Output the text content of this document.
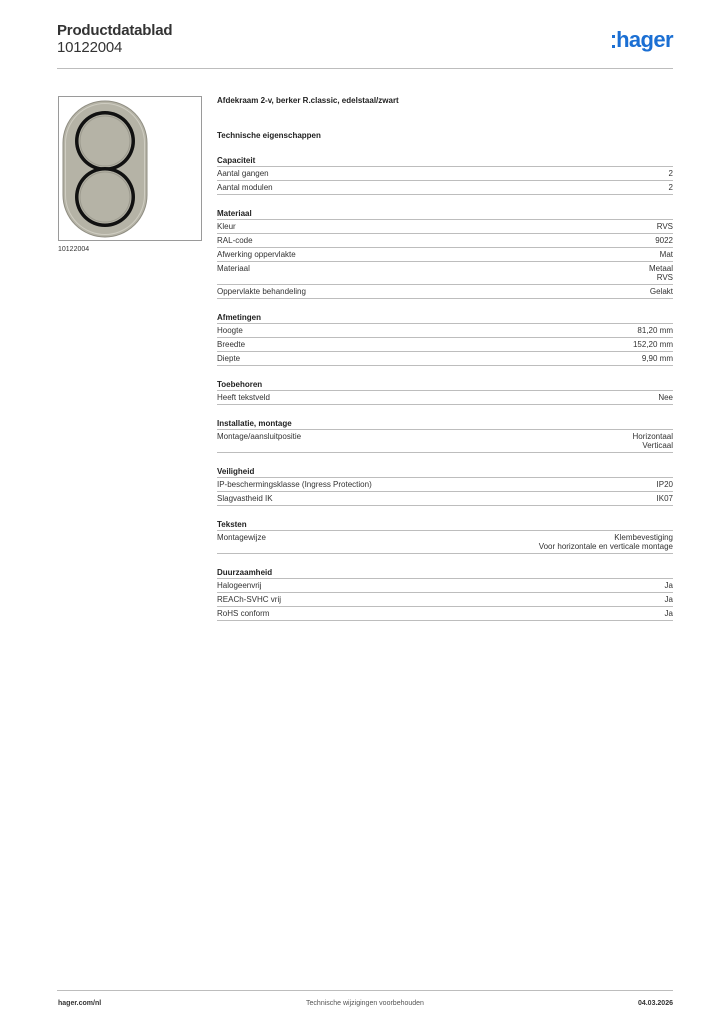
Productdatablad
10122004	hager
10122004
Afdekraam 2-v, berker R.classic, edelstaal/zwart
Technische eigenschappen
Capaciteit
Aantal gangen	2
Aantal modulen	2
Materiaal
Kleur	RVS
RAL-code	9022
Afwerking oppervlakte	Mat
Materiaal	Metaal
RVS
Oppervlakte behandeling	Gelakt
Afmetingen
Hoogte	81,20 mm
Breedte	152,20 mm
Diepte	9,90 mm
Toebehoren
Heeft tekstveld	Nee
Installatie, montage
Montage/aansluitpositie	Horizontaal
Verticaal
Veiligheid
IP-beschermingsklasse (Ingress Protection)	IP20
Slagvastheid IK	IK07
Teksten
Montagewijze	Klembevestiging
Voor horizontale en verticale montage
Duurzaamheid
Halogeenvrij	Ja
REACh-SVHC vrij	Ja
RoHS conform	Ja
hager.com/nl	Technische wijzigingen voorbehouden	04.03.2026
